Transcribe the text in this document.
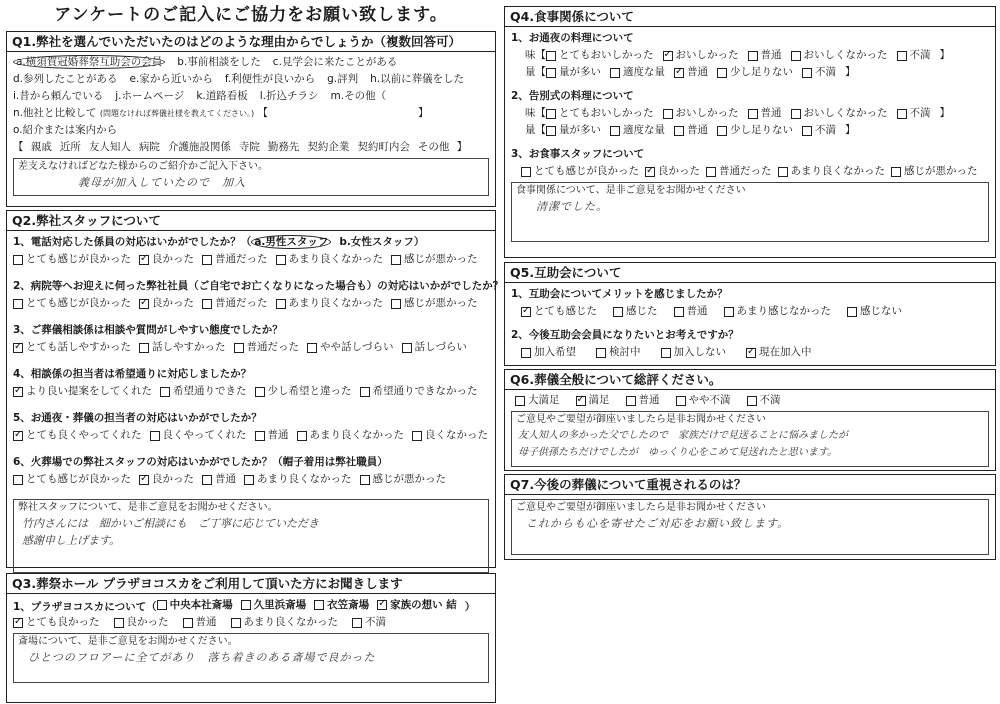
アンケートのご記入にご協力をお願い致します。
Q1.弊社を選んでいただいたのはどのような理由からでしょうか（複数回答可）
a.横須賀冠婚葬祭互助会の会員 b.事前相談をした c.見学会に来たことがある
d.参列したことがある e.家から近いから f.利便性が良いから g.評判 h.以前に葬儀をした
i.昔から頼んでいる j.ホームページ k.道路看板 l.折込チラシ m.その他（
n.他社と比較して (問題なければ葬儀社様を教えてください。) 【	】
o.紹介または案内から
【 親戚 近所 友人知人 病院 介護施設関係 寺院 勤務先 契約企業 契約町内会 その他 】
差支えなければどなた様からのご紹介かご記入下さい。
義母が加入していたので　加入
Q2.弊社スタッフについて
1、電話対応した係員の対応はいかがでしたか？（ a.男性スタッフ b.女性スタッフ）
とても感じが良かった ✓ 良かった 普通だった あまり良くなかった 感じが悪かった
2、病院等へお迎えに伺った弊社社員（ご自宅でお亡くなりになった場合も）の対応はいかがでしたか？
とても感じが良かった ✓ 良かった 普通だった あまり良くなかった 感じが悪かった
3、ご葬儀相談係は相談や質問がしやすい態度でしたか？
✓
とても話しやすかった 話しやすかった 普通だった やや話しづらい 話しづらい
4、相談係の担当者は希望通りに対応しましたか？
✓
より良い提案をしてくれた 希望通りできた 少し希望と違った 希望通りできなかった
5、お通夜・葬儀の担当者の対応はいかがでしたか？
✓
とても良くやってくれた 良くやってくれた 普通 あまり良くなかった 良くなかった
6、火葬場での弊社スタッフの対応はいかがでしたか？（帽子着用は弊社職員）
とても感じが良かった ✓ 良かった 普通 あまり良くなかった 感じが悪かった
弊社スタッフについて、是非ご意見をお聞かせください。
竹内さんには　細かいご相談にも　ご丁寧に応じていただき
感謝申し上げます。
Q3.葬祭ホール プラザヨコスカをご利用して頂いた方にお聞きします
1、プラザヨコスカについて（ 中央本社斎場 久里浜斎場 衣笠斎場 ✓ 家族の想い 結 ）
✓
とても良かった	良かった	普通	あまり良くなかった	不満
斎場について、是非ご意見をお聞かせください。
ひとつのフロアーに全てがあり　落ち着きのある斎場で良かった
Q4.食事関係について
1、お通夜の料理について
味【 とてもおいしかった ✓ おいしかった 普通 おいしくなかった 不満 】
量【 量が多い 適度な量 ✓ 普通 少し足りない 不満 】
2、告別式の料理について
味【 とてもおいしかった おいしかった 普通 おいしくなかった 不満 】
量【 量が多い 適度な量 普通 少し足りない 不満 】
3、お食事スタッフについて
とても感じが良かった ✓ 良かった 普通だった あまり良くなかった 感じが悪かった
食事関係について、是非ご意見をお聞かせください
清潔でした。
Q5.互助会について
1、互助会についてメリットを感じましたか？
✓
とても感じた	感じた	普通	あまり感じなかった	感じない
2、今後互助会会員になりたいとお考えですか？
加入希望	検討中	加入しない ✓	現在加入中
Q6.葬儀全般について総評ください。
大満足 ✓	満足	普通	やや不満	不満
ご意見やご要望が御座いましたら是非お聞かせください
友人知人の多かった父でしたので　家族だけで見送ることに悩みましたが
母子供孫たちだけでしたが　ゆっくり心をこめて見送れたと思います。
Q7.今後の葬儀について重視されるのは？
ご意見やご要望が御座いましたら是非お聞かせください
これからも心を寄せたご対応をお願い致します。
